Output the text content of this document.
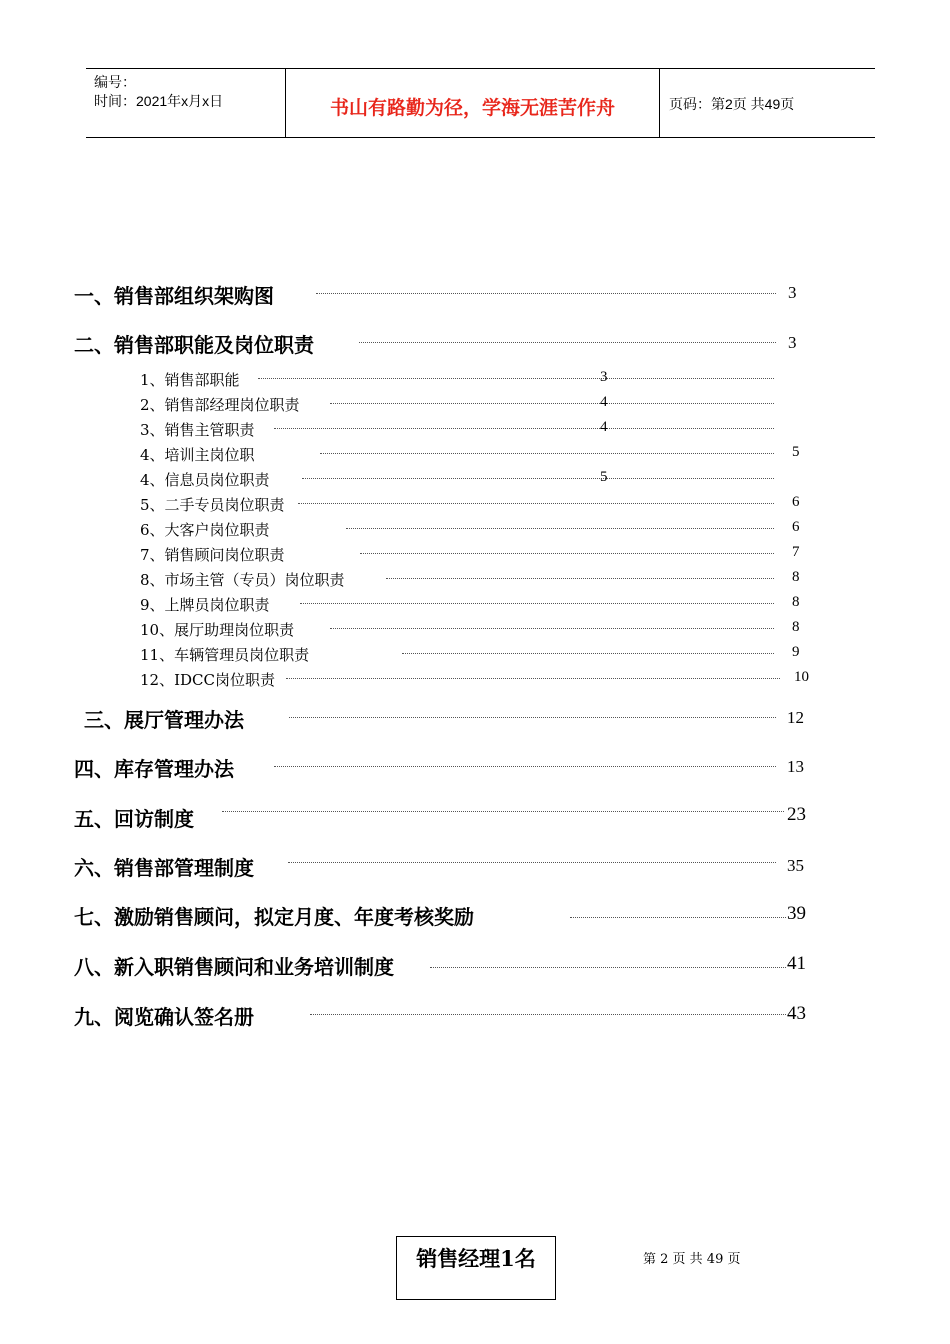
编号：
时间：2021年x月x日	书山有路勤为径，学海无涯苦作舟	页码：第2页 共49页
一、销售部组织架购图	3
二、销售部职能及岗位职责	3
1、销售部职能	3
2、销售部经理岗位职责	4
3、销售主管职责	4
4、培训主岗位职	5
4、信息员岗位职责	5
5、二手专员岗位职责	6
6、大客户岗位职责	6
7、销售顾问岗位职责	7
8、市场主管（专员）岗位职责	8
9、上牌员岗位职责	8
10、展厅助理岗位职责	8
11、车辆管理员岗位职责	9
12、IDCC岗位职责	10
三、展厅管理办法	12
四、库存管理办法	13
五、回访制度	23
六、销售部管理制度	35
七、激励销售顾问，拟定月度、年度考核奖励	39
八、新入职销售顾问和业务培训制度	41
九、阅览确认签名册	43
销售经理1名	第 2 页 共 49 页
